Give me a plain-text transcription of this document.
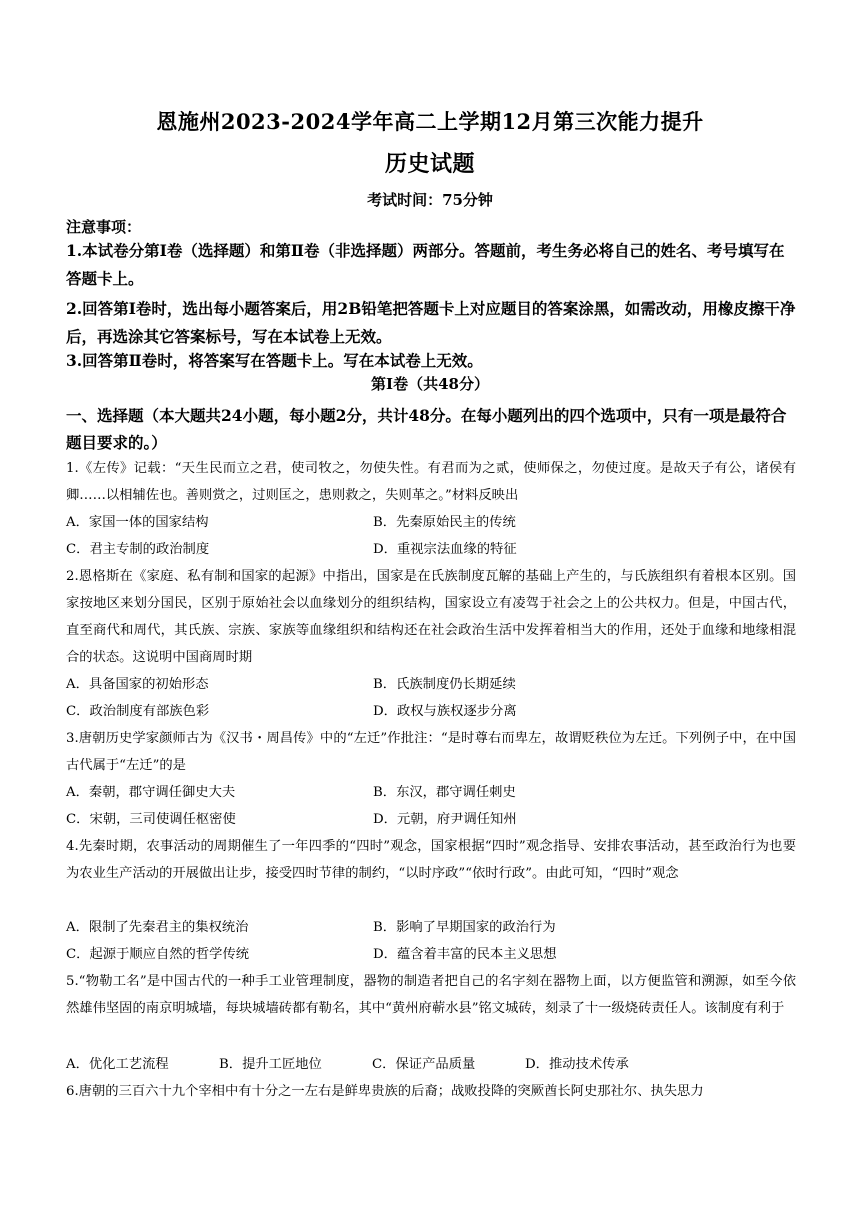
恩施州2023-2024学年高二上学期12月第三次能力提升
历史试题
考试时间：75分钟
注意事项：
1.本试卷分第Ⅰ卷（选择题）和第Ⅱ卷（非选择题）两部分。答题前，考生务必将自己的姓名、考号填写在答题卡上。
2.回答第Ⅰ卷时，选出每小题答案后，用2B铅笔把答题卡上对应题目的答案涂黑，如需改动，用橡皮擦干净后，再选涂其它答案标号，写在本试卷上无效。
3.回答第Ⅱ卷时，将答案写在答题卡上。写在本试卷上无效。
第Ⅰ卷（共48分）
一、选择题（本大题共24小题，每小题2分，共计48分。在每小题列出的四个选项中，只有一项是最符合题目要求的。）
1.《左传》记载：“天生民而立之君，使司牧之，勿使失性。有君而为之贰，使师保之，勿使过度。是故天子有公，诸侯有卿……以相辅佐也。善则赏之，过则匡之，患则救之，失则革之。”材料反映出
A．家国一体的国家结构	B．先秦原始民主的传统
C．君主专制的政治制度	D．重视宗法血缘的特征
2.恩格斯在《家庭、私有制和国家的起源》中指出，国家是在氏族制度瓦解的基础上产生的，与氏族组织有着根本区别。国家按地区来划分国民，区别于原始社会以血缘划分的组织结构，国家设立有凌驾于社会之上的公共权力。但是，中国古代，直至商代和周代，其氏族、宗族、家族等血缘组织和结构还在社会政治生活中发挥着相当大的作用，还处于血缘和地缘相混合的状态。这说明中国商周时期
A．具备国家的初始形态	B．氏族制度仍长期延续
C．政治制度有部族色彩	D．政权与族权逐步分离
3.唐朝历史学家颜师古为《汉书・周昌传》中的“左迁”作批注：“是时尊右而卑左，故谓贬秩位为左迁。下列例子中，在中国古代属于“左迁”的是
A．秦朝，郡守调任御史大夫	B．东汉，郡守调任刺史
C．宋朝，三司使调任枢密使	D．元朝，府尹调任知州
4.先秦时期，农事活动的周期催生了一年四季的“四时”观念，国家根据“四时”观念指导、安排农事活动，甚至政治行为也要为农业生产活动的开展做出让步，接受四时节律的制约，“以时序政”“依时行政”。由此可知，“四时”观念
A．限制了先秦君主的集权统治	B．影响了早期国家的政治行为
C．起源于顺应自然的哲学传统	D．蕴含着丰富的民本主义思想
5.“物勒工名”是中国古代的一种手工业管理制度，器物的制造者把自己的名字刻在器物上面，以方便监管和溯源，如至今依然雄伟坚固的南京明城墙，每块城墙砖都有勒名，其中“黄州府蕲水县”铭文城砖，刻录了十一级烧砖责任人。该制度有利于
A．优化工艺流程	B．提升工匠地位	C．保证产品质量	D．推动技术传承
6.唐朝的三百六十九个宰相中有十分之一左右是鲜卑贵族的后裔；战败投降的突厥酋长阿史那社尔、执失思力
